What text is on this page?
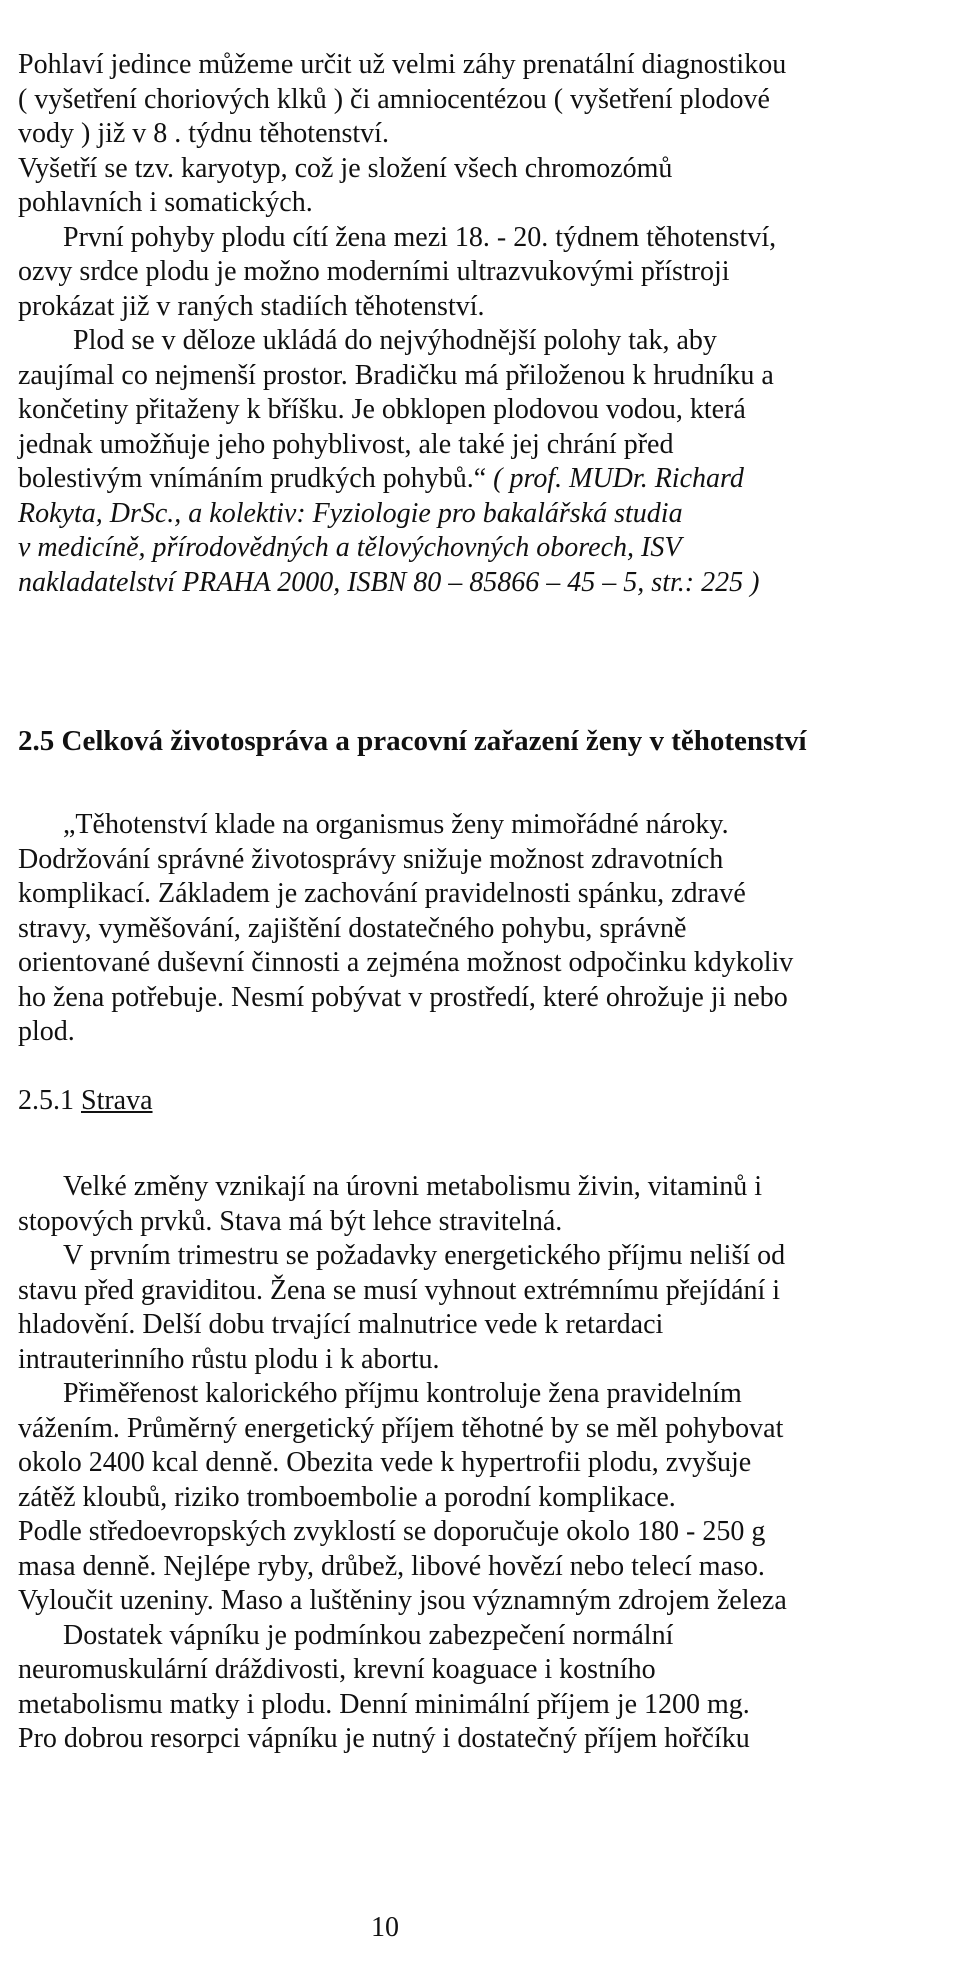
Pohlaví jedince můžeme určit už velmi záhy prenatální diagnostikou
( vyšetření choriových klků ) či amniocentézou ( vyšetření plodové
vody ) již v 8 . týdnu těhotenství.
Vyšetří se tzv. karyotyp, což je složení všech chromozómů
pohlavních i somatických.
První pohyby plodu cítí žena mezi 18. - 20. týdnem těhotenství,
ozvy srdce plodu je možno moderními ultrazvukovými přístroji
prokázat již v raných stadiích těhotenství.
Plod se v děloze ukládá do nejvýhodnější polohy tak, aby
zaujímal co nejmenší prostor. Bradičku má přiloženou k hrudníku a
končetiny přitaženy k bříšku. Je obklopen plodovou vodou, která
jednak umožňuje jeho pohyblivost, ale také jej chrání před
bolestivým vnímáním prudkých pohybů.“ ( prof. MUDr. Richard
Rokyta, DrSc., a kolektiv: Fyziologie pro bakalářská studia
v medicíně, přírodovědných a tělovýchovných oborech, ISV
nakladatelství PRAHA 2000, ISBN 80 – 85866 – 45 – 5, str.: 225 )
2.5 Celková životospráva a pracovní zařazení ženy v těhotenství
„Těhotenství klade na organismus ženy mimořádné nároky.
Dodržování správné životosprávy snižuje možnost zdravotních
komplikací. Základem je zachování pravidelnosti spánku, zdravé
stravy, vyměšování, zajištění dostatečného pohybu, správně
orientované duševní činnosti a zejména možnost odpočinku kdykoliv
ho žena potřebuje. Nesmí pobývat v prostředí, které ohrožuje ji nebo
plod.
2.5.1 Strava
Velké změny vznikají na úrovni metabolismu živin, vitaminů i
stopových prvků. Stava má být lehce stravitelná.
V prvním trimestru se požadavky energetického příjmu neliší od
stavu před graviditou. Žena se musí vyhnout extrémnímu přejídání i
hladovění. Delší dobu trvající malnutrice vede k retardaci
intrauterinního růstu plodu i k abortu.
Přiměřenost kalorického příjmu kontroluje žena pravidelním
vážením. Průměrný energetický příjem těhotné by se měl pohybovat
okolo 2400 kcal denně. Obezita vede k hypertrofii plodu, zvyšuje
zátěž kloubů, riziko tromboembolie a porodní komplikace.
Podle středoevropských zvyklostí se doporučuje okolo 180 - 250 g
masa denně. Nejlépe ryby, drůbež, libové hovězí nebo telecí maso.
Vyloučit uzeniny. Maso a luštěniny jsou významným zdrojem železa
Dostatek vápníku je podmínkou zabezpečení normální
neuromuskulární dráždivosti, krevní koaguace i kostního
metabolismu matky i plodu. Denní minimální příjem je 1200 mg.
Pro dobrou resorpci vápníku je nutný i dostatečný příjem hořčíku
10
